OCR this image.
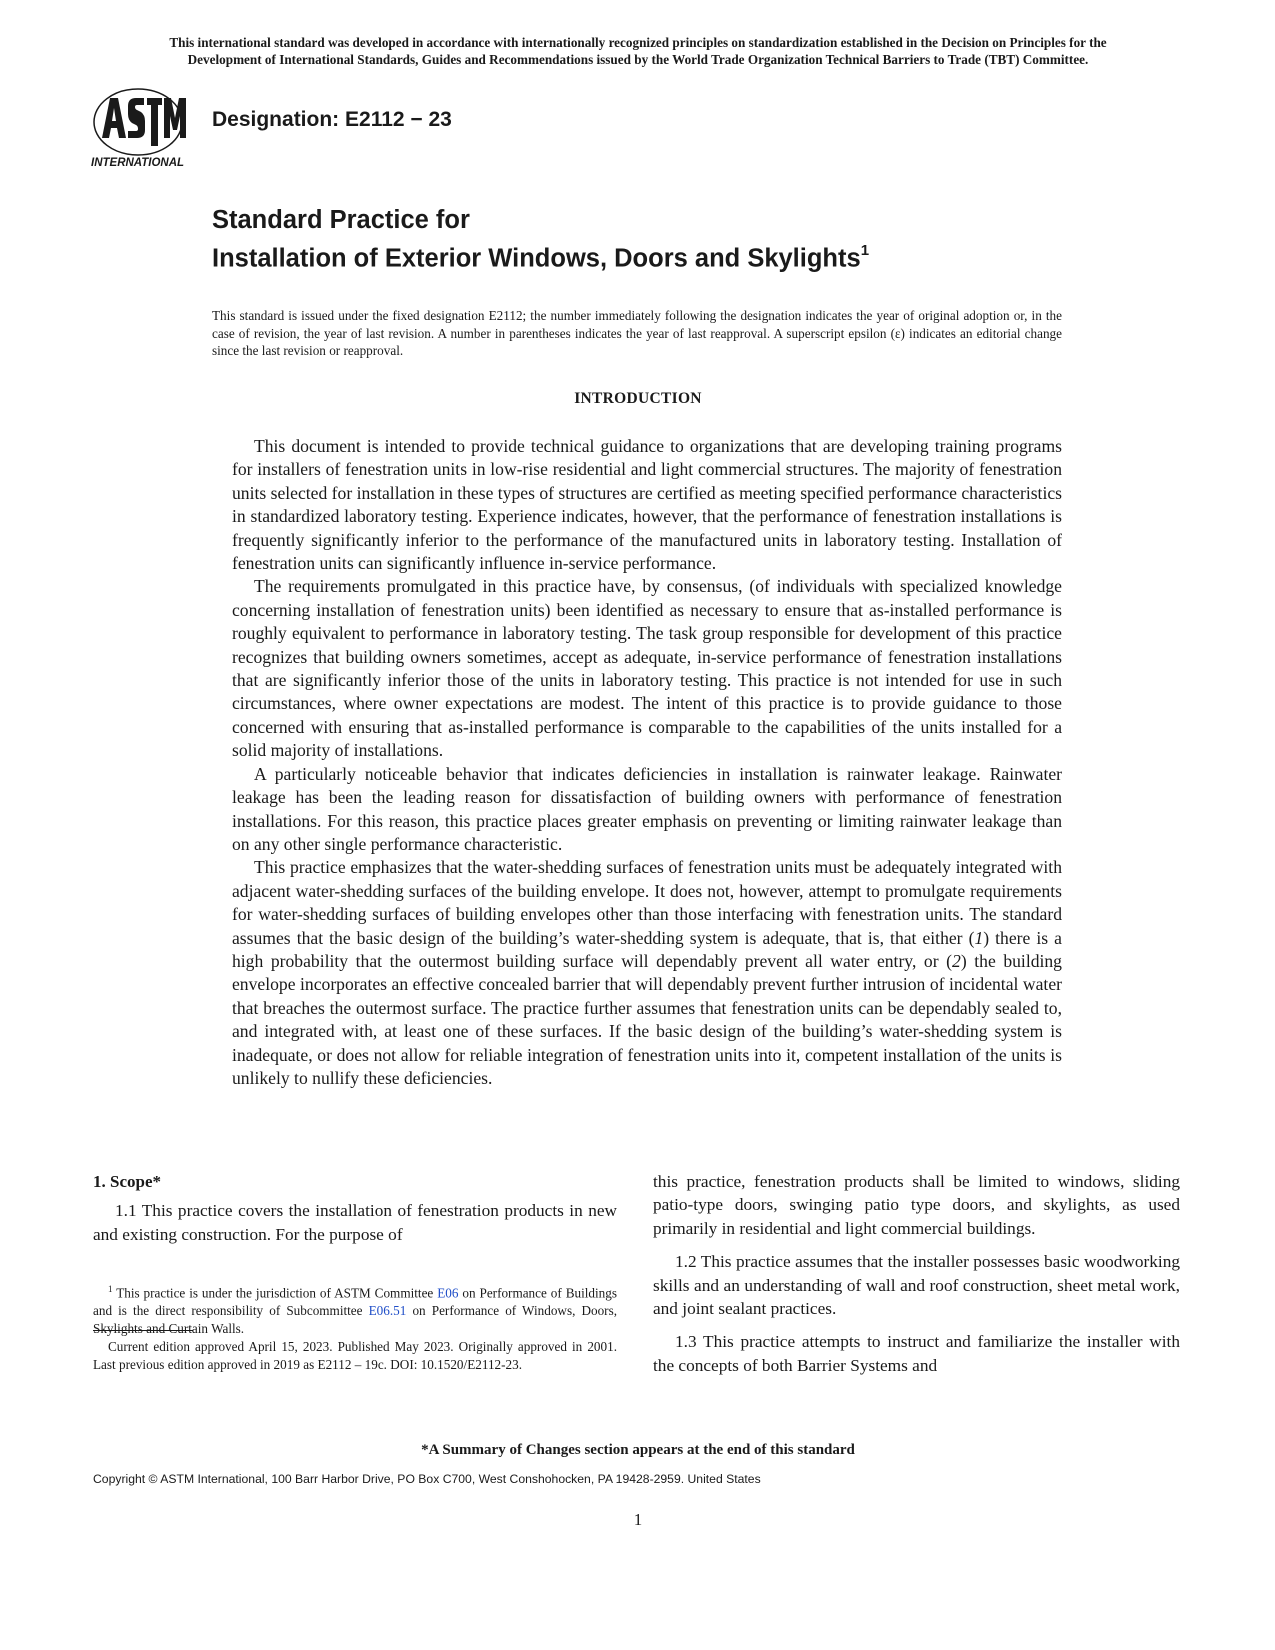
This international standard was developed in accordance with internationally recognized principles on standardization established in the Decision on Principles for the
Development of International Standards, Guides and Recommendations issued by the World Trade Organization Technical Barriers to Trade (TBT) Committee.
INTERNATIONAL
Designation: E2112 − 23
Standard Practice for
Installation of Exterior Windows, Doors and Skylights$^1$
This standard is issued under the fixed designation E2112; the number immediately following the designation indicates the year of original adoption or, in the case of revision, the year of last revision. A number in parentheses indicates the year of last reapproval. A superscript epsilon (ε) indicates an editorial change since the last revision or reapproval.
INTRODUCTION

This document is intended to provide technical guidance to organizations that are developing training programs for installers of fenestration units in low-rise residential and light commercial structures. The majority of fenestration units selected for installation in these types of structures are certified as meeting specified performance characteristics in standardized laboratory testing. Experience indicates, however, that the performance of fenestration installations is frequently significantly inferior to the performance of the manufactured units in laboratory testing. Installation of fenestration units can significantly influence in-service performance.

The requirements promulgated in this practice have, by consensus, (of individuals with specialized knowledge concerning installation of fenestration units) been identified as necessary to ensure that as-installed performance is roughly equivalent to performance in laboratory testing. The task group responsible for development of this practice recognizes that building owners sometimes, accept as adequate, in-service performance of fenestration installations that are significantly inferior those of the units in laboratory testing. This practice is not intended for use in such circumstances, where owner expectations are modest. The intent of this practice is to provide guidance to those concerned with ensuring that as-installed performance is comparable to the capabilities of the units installed for a solid majority of installations.

A particularly noticeable behavior that indicates deficiencies in installation is rainwater leakage. Rainwater leakage has been the leading reason for dissatisfaction of building owners with performance of fenestration installations. For this reason, this practice places greater emphasis on preventing or limiting rainwater leakage than on any other single performance characteristic.

This practice emphasizes that the water-shedding surfaces of fenestration units must be adequately integrated with adjacent water-shedding surfaces of the building envelope. It does not, however, attempt to promulgate requirements for water-shedding surfaces of building envelopes other than those interfacing with fenestration units. The standard assumes that the basic design of the building’s water-shedding system is adequate, that is, that either (1) there is a high probability that the outermost building surface will dependably prevent all water entry, or (2) the building envelope incorporates an effective concealed barrier that will dependably prevent further intrusion of incidental water that breaches the outermost surface. The practice further assumes that fenestration units can be dependably sealed to, and integrated with, at least one of these surfaces. If the basic design of the building’s water-shedding system is inadequate, or does not allow for reliable integration of fenestration units into it, competent installation of the units is unlikely to nullify these deficiencies.

1. Scope*

1.1 This practice covers the installation of fenestration products in new and existing construction. For the purpose of

$^1$ This practice is under the jurisdiction of ASTM Committee E06 on Performance of Buildings and is the direct responsibility of Subcommittee E06.51 on Performance of Windows, Doors, Skylights and Curtain Walls.

Current edition approved April 15, 2023. Published May 2023. Originally approved in 2001. Last previous edition approved in 2019 as E2112 – 19c. DOI: 10.1520/E2112-23.

this practice, fenestration products shall be limited to windows, sliding patio-type doors, swinging patio type doors, and skylights, as used primarily in residential and light commercial buildings.

1.2 This practice assumes that the installer possesses basic woodworking skills and an understanding of wall and roof construction, sheet metal work, and joint sealant practices.

1.3 This practice attempts to instruct and familiarize the installer with the concepts of both Barrier Systems and

*A Summary of Changes section appears at the end of this standard
Copyright © ASTM International, 100 Barr Harbor Drive, PO Box C700, West Conshohocken, PA 19428-2959. United States
1
